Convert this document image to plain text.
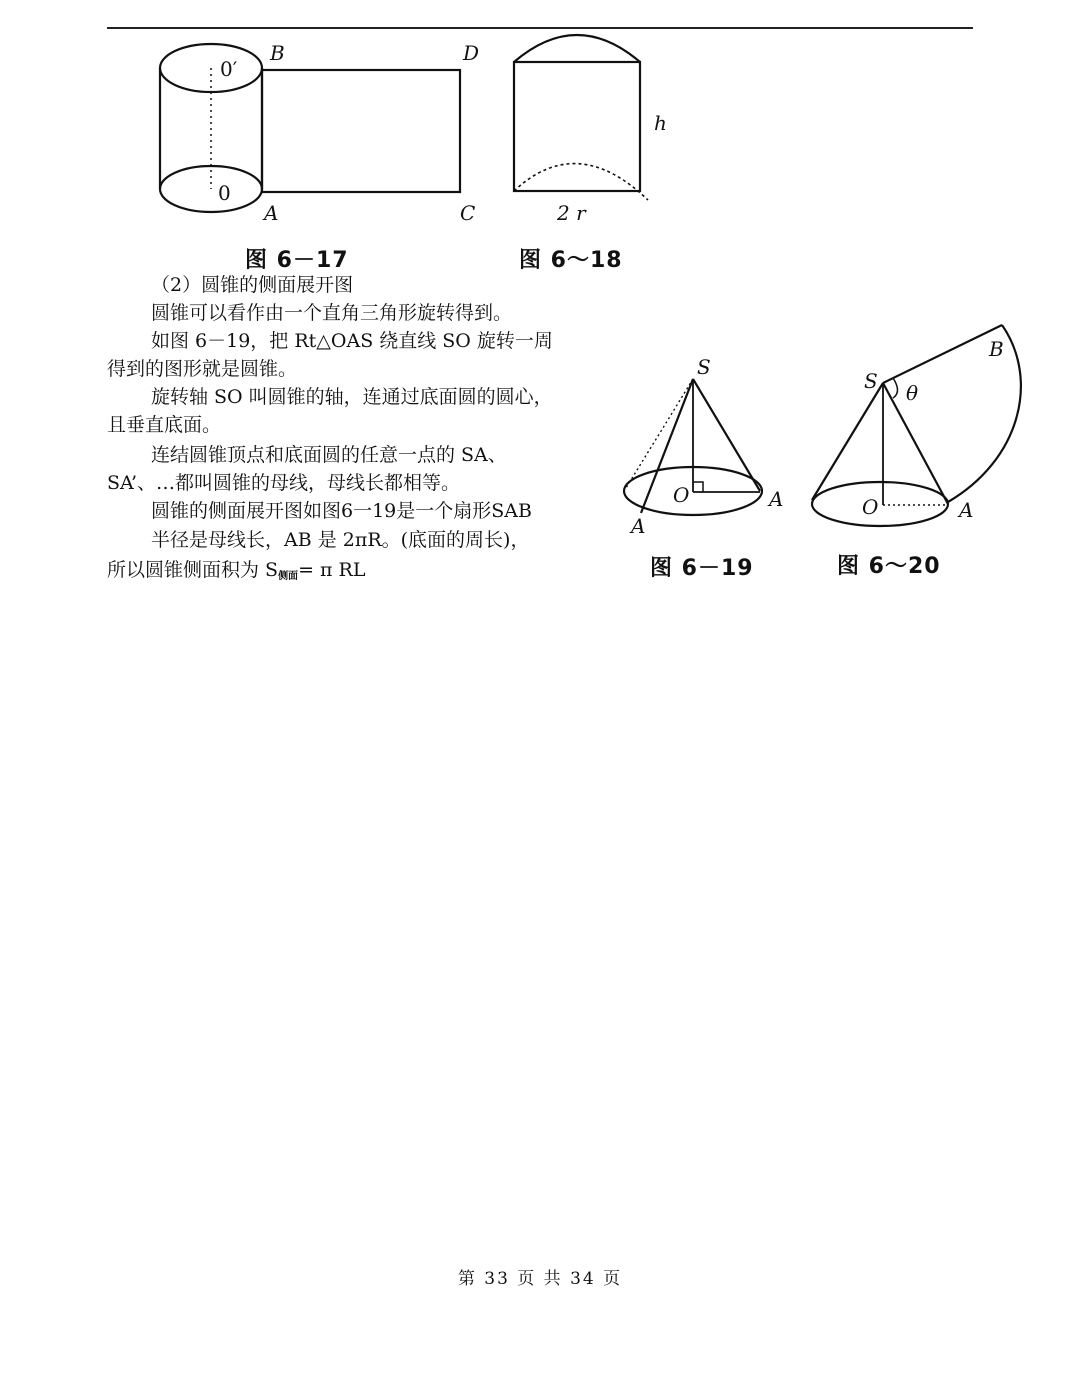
0′
0
B	D
A	C
h
2 r
图 6－17	图 6～18
（2）圆锥的侧面展开图
圆锥可以看作由一个直角三角形旋转得到。
如图 6－19，把 Rt△OAS 绕直线 SO 旋转一周
得到的图形就是圆锥。
旋转轴 SO 叫圆锥的轴，连通过底面圆的圆心，
且垂直底面。
连结圆锥顶点和底面圆的任意一点的 SA、
SA’、…都叫圆锥的母线，母线长都相等。
圆锥的侧面展开图如图6一19是一个扇形SAB
半径是母线长，AB 是 2πR。(底面的周长)，
所以圆锥侧面积为 $S_{侧面}= \pi$ RL
S
O
A
A
S θ
B
O	A
图 6－19	图 6～20
第 33 页 共 34 页
